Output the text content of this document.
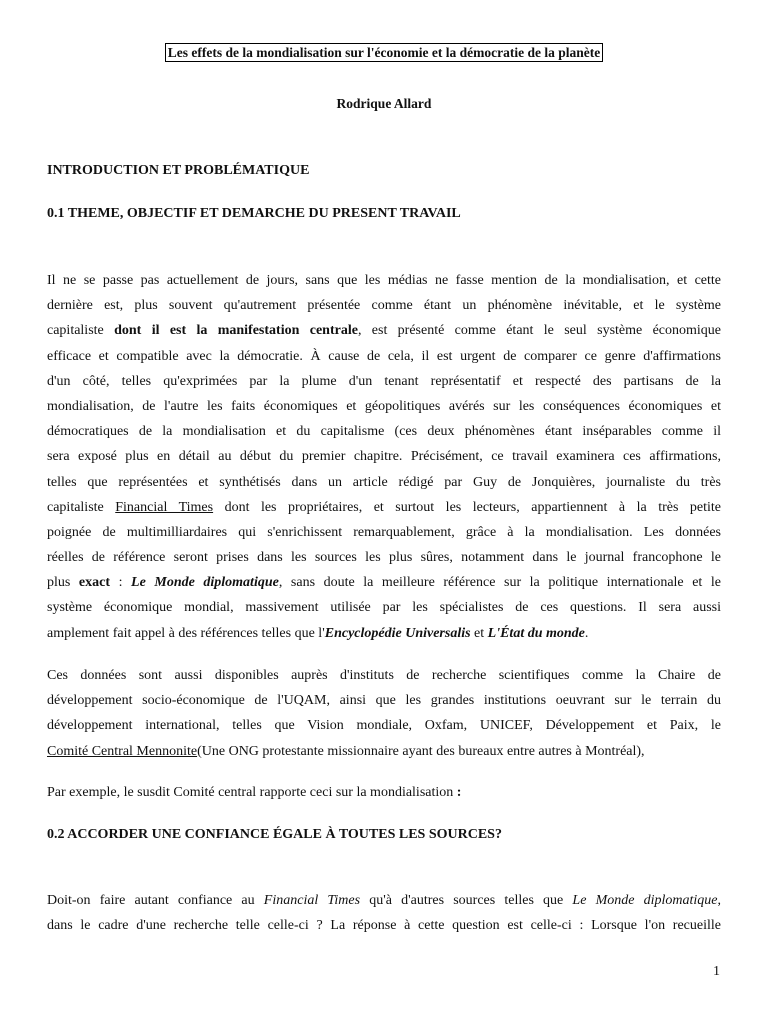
Les effets de la mondialisation sur l'économie et la démocratie de la planète
Rodrique Allard
INTRODUCTION ET PROBLÉMATIQUE
0.1 THEME, OBJECTIF ET DEMARCHE DU PRESENT TRAVAIL
Il ne se passe pas actuellement de jours, sans que les médias ne fasse mention de la mondialisation, et cette
dernière est, plus souvent qu'autrement présentée comme étant un phénomène inévitable, et le système
capitaliste dont il est la manifestation centrale, est présenté comme étant le seul système économique
efficace et compatible avec la démocratie. À cause de cela, il est urgent de comparer ce genre d'affirmations
d'un côté, telles qu'exprimées par la plume d'un tenant représentatif et respecté des partisans de la
mondialisation, de l'autre les faits économiques et géopolitiques avérés sur les conséquences économiques et
démocratiques de la mondialisation et du capitalisme (ces deux phénomènes étant inséparables comme il
sera exposé plus en détail au début du premier chapitre. Précisément, ce travail examinera ces affirmations,
telles que représentées et synthétisés dans un article rédigé par Guy de Jonquières, journaliste du très
capitaliste Financial Times dont les propriétaires, et surtout les lecteurs, appartiennent à la très petite
poignée de multimilliardaires qui s'enrichissent remarquablement, grâce à la mondialisation. Les données
réelles de référence seront prises dans les sources les plus sûres, notamment dans le journal francophone le
plus exact : Le Monde diplomatique, sans doute la meilleure référence sur la politique internationale et le
système économique mondial, massivement utilisée par les spécialistes de ces questions. Il sera aussi
amplement fait appel à des références telles que l'Encyclopédie Universalis et L'État du monde.
Ces données sont aussi disponibles auprès d'instituts de recherche scientifiques comme la Chaire de
développement socio-économique de l'UQAM, ainsi que les grandes institutions oeuvrant sur le terrain du
développement international, telles que Vision mondiale, Oxfam, UNICEF, Développement et Paix, le
Comité Central Mennonite(Une ONG protestante missionnaire ayant des bureaux entre autres à Montréal),
Par exemple, le susdit Comité central rapporte ceci sur la mondialisation :
0.2 ACCORDER UNE CONFIANCE ÉGALE À TOUTES LES SOURCES?
Doit-on faire autant confiance au Financial Times qu'à d'autres sources telles que Le Monde diplomatique,
dans le cadre d'une recherche telle celle-ci ? La réponse à cette question est celle-ci : Lorsque l'on recueille
1
